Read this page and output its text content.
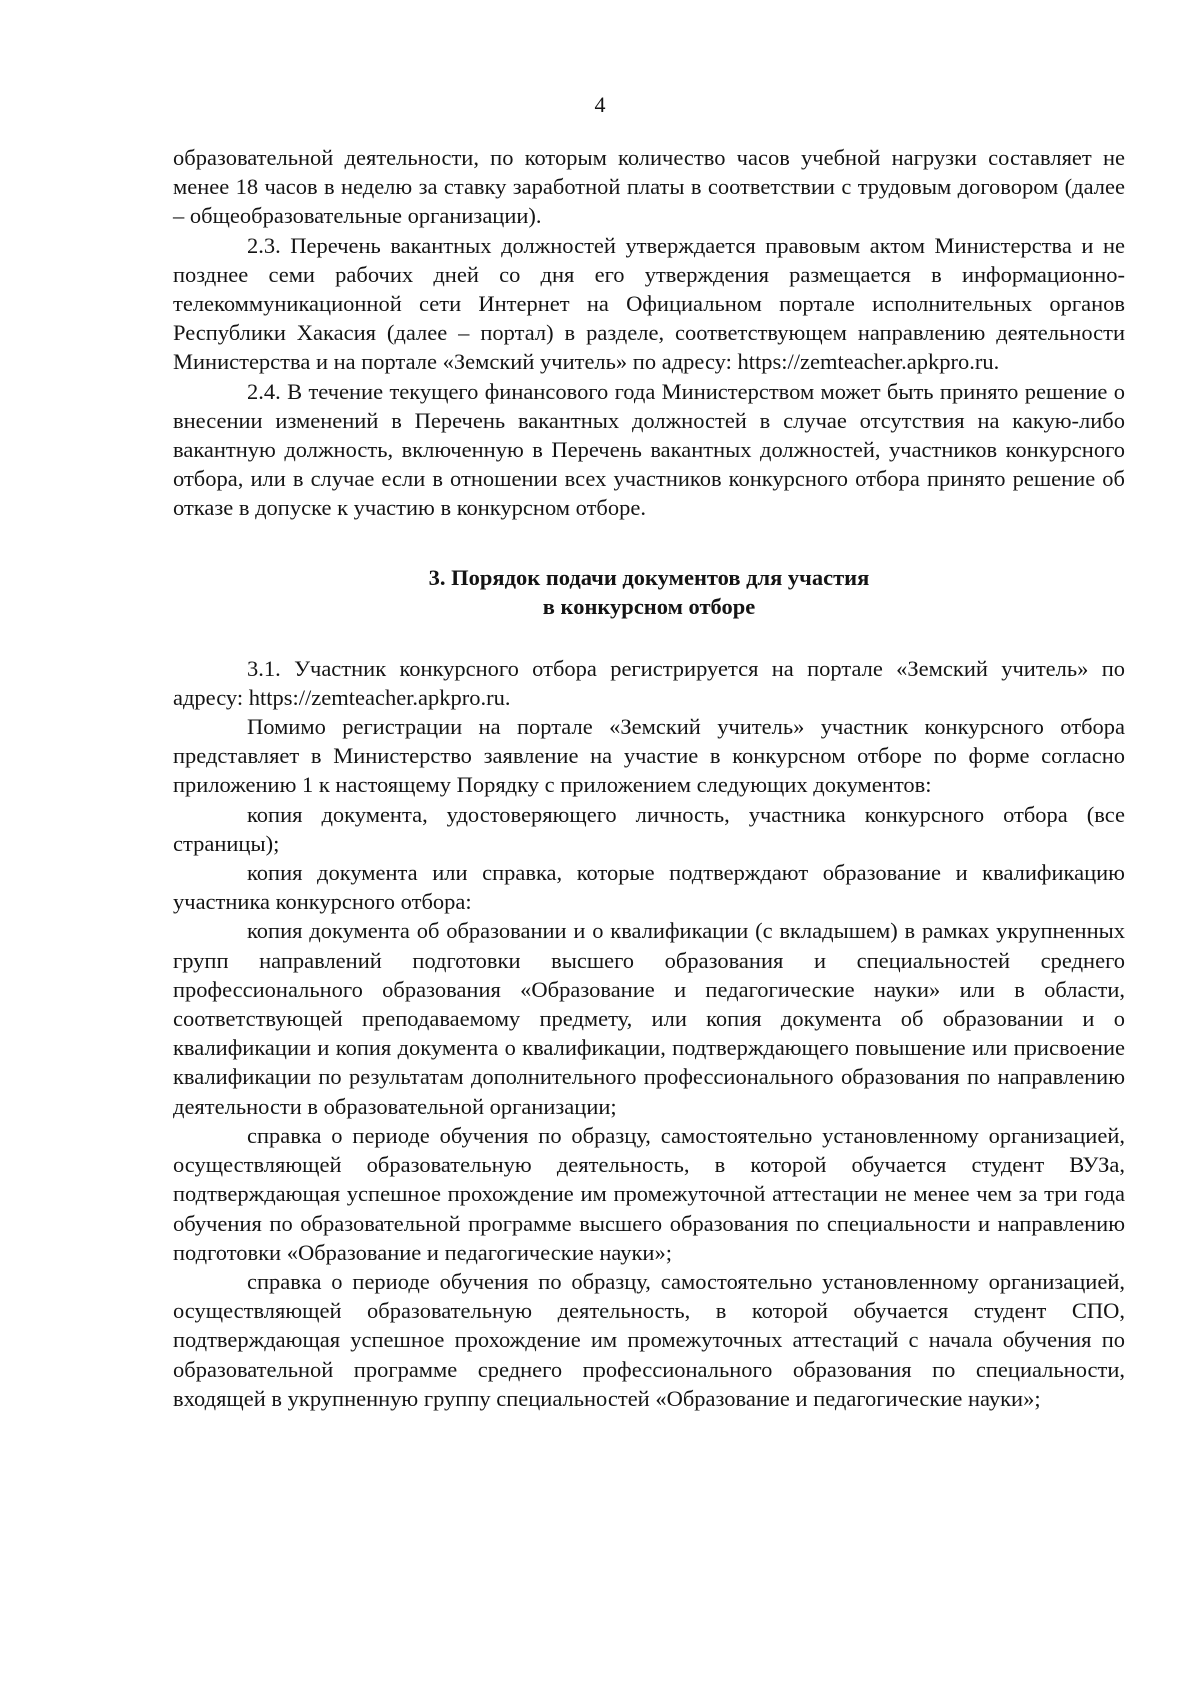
4

образовательной деятельности, по которым количество часов учебной нагрузки составляет не менее 18 часов в неделю за ставку заработной платы в соответствии с трудовым договором (далее – общеобразовательные организации).

2.3. Перечень вакантных должностей утверждается правовым актом Министерства и не позднее семи рабочих дней со дня его утверждения размещается в информационно-телекоммуникационной сети Интернет на Официальном портале исполнительных органов Республики Хакасия (далее – портал) в разделе, соответствующем направлению деятельности Министерства и на портале «Земский учитель» по адресу: https://zemteacher.apkpro.ru.

2.4. В течение текущего финансового года Министерством может быть принято решение о внесении изменений в Перечень вакантных должностей в случае отсутствия на какую-либо вакантную должность, включенную в Перечень вакантных должностей, участников конкурсного отбора, или в случае если в отношении всех участников конкурсного отбора принято решение об отказе в допуске к участию в конкурсном отборе.

3. Порядок подачи документов для участия
в конкурсном отборе

3.1. Участник конкурсного отбора регистрируется на портале «Земский учитель» по адресу: https://zemteacher.apkpro.ru.

Помимо регистрации на портале «Земский учитель» участник конкурсного отбора представляет в Министерство заявление на участие в конкурсном отборе по форме согласно приложению 1 к настоящему Порядку с приложением следующих документов:

копия документа, удостоверяющего личность, участника конкурсного отбора (все страницы);

копия документа или справка, которые подтверждают образование и квалификацию участника конкурсного отбора:

копия документа об образовании и о квалификации (с вкладышем) в рамках укрупненных групп направлений подготовки высшего образования и специальностей среднего профессионального образования «Образование и педагогические науки» или в области, соответствующей преподаваемому предмету, или копия документа об образовании и о квалификации и копия документа о квалификации, подтверждающего повышение или присвоение квалификации по результатам дополнительного профессионального образования по направлению деятельности в образовательной организации;

справка о периоде обучения по образцу, самостоятельно установленному организацией, осуществляющей образовательную деятельность, в которой обучается студент ВУЗа, подтверждающая успешное прохождение им промежуточной аттестации не менее чем за три года обучения по образовательной программе высшего образования по специальности и направлению подготовки «Образование и педагогические науки»;

справка о периоде обучения по образцу, самостоятельно установленному организацией, осуществляющей образовательную деятельность, в которой обучается студент СПО, подтверждающая успешное прохождение им промежуточных аттестаций с начала обучения по образовательной программе среднего профессионального образования по специальности, входящей в укрупненную группу специальностей «Образование и педагогические науки»;
